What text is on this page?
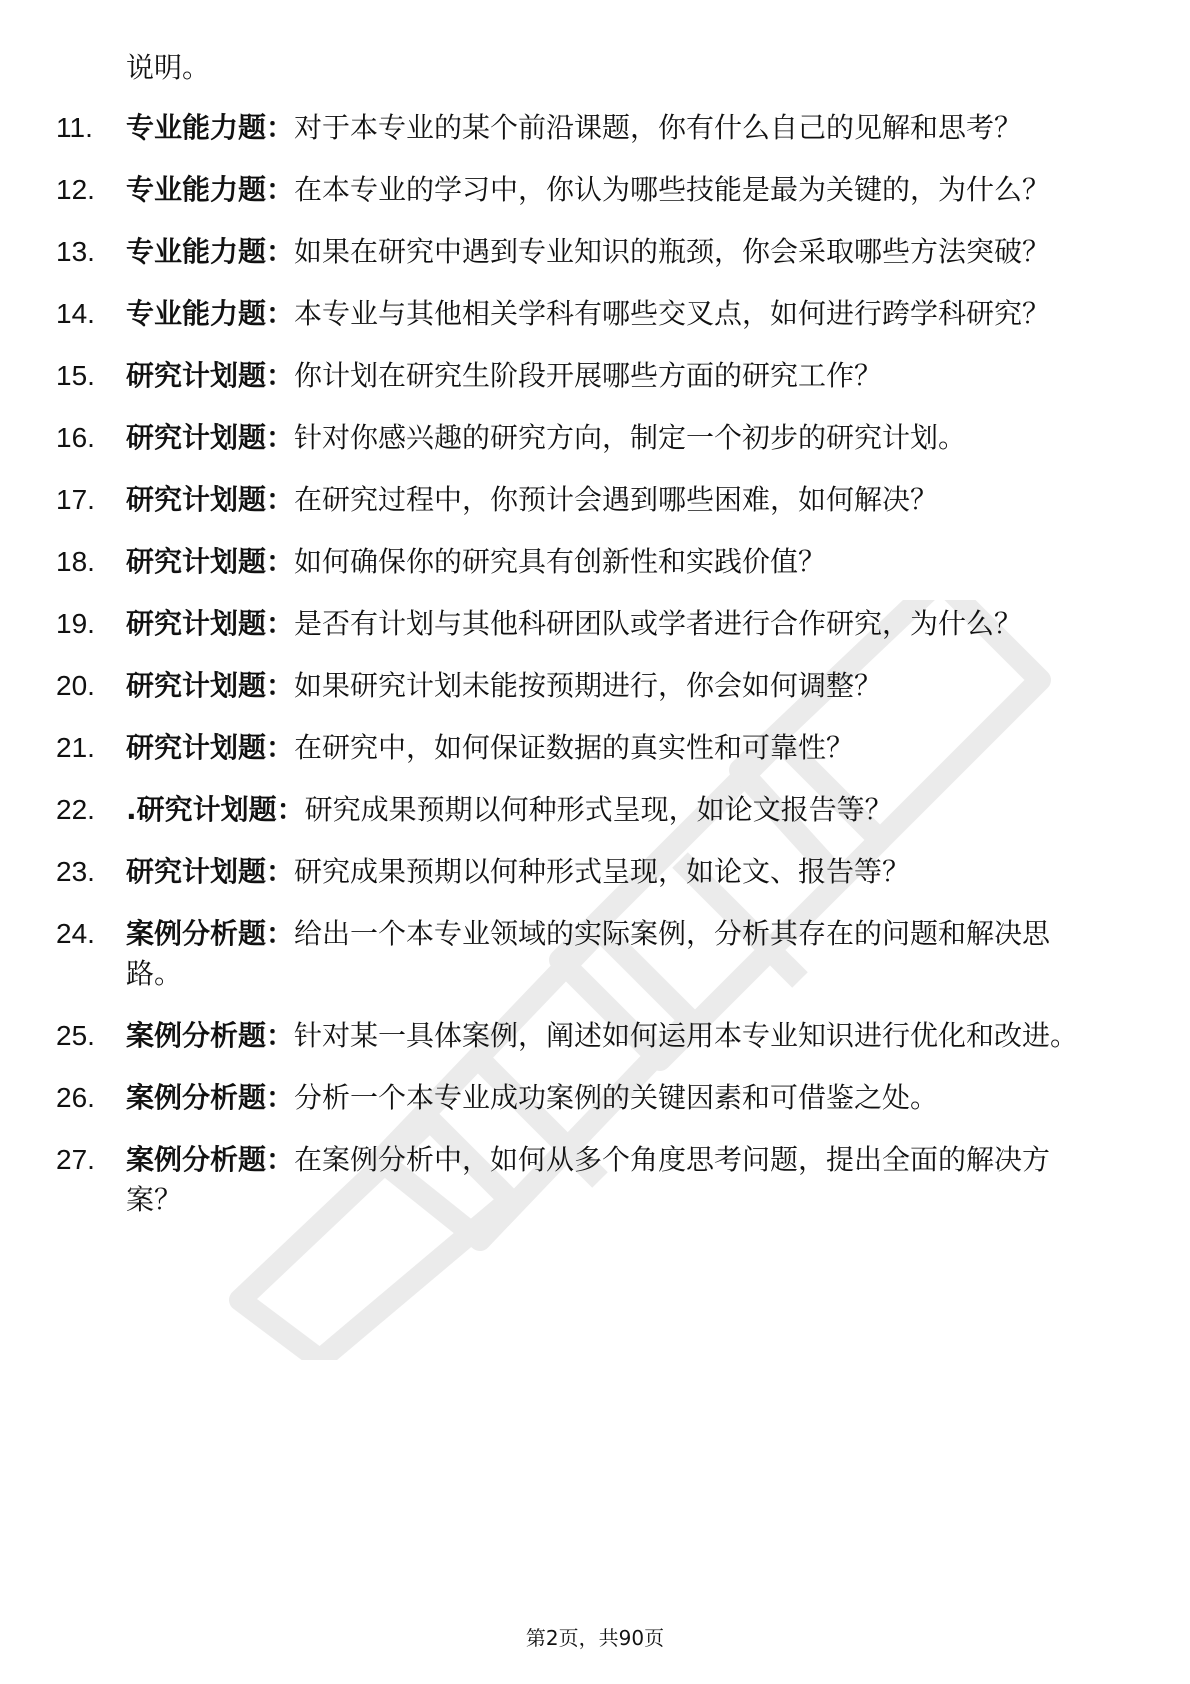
说明。

11.	专业能力题：对于本专业的某个前沿课题，你有什么自己的见解和思考？
12.	专业能力题：在本专业的学习中，你认为哪些技能是最为关键的，为什么？
13.	专业能力题：如果在研究中遇到专业知识的瓶颈，你会采取哪些方法突破？
14.	专业能力题：本专业与其他相关学科有哪些交叉点，如何进行跨学科研究？
15.	研究计划题：你计划在研究生阶段开展哪些方面的研究工作？
16.	研究计划题：针对你感兴趣的研究方向，制定一个初步的研究计划。
17.	研究计划题：在研究过程中，你预计会遇到哪些困难，如何解决？
18.	研究计划题：如何确保你的研究具有创新性和实践价值？
19.	研究计划题：是否有计划与其他科研团队或学者进行合作研究，为什么？
20.	研究计划题：如果研究计划未能按预期进行，你会如何调整？
21.	研究计划题：在研究中，如何保证数据的真实性和可靠性？
22.	.研究计划题：研究成果预期以何种形式呈现，如论文报告等？
23.	研究计划题：研究成果预期以何种形式呈现，如论文、报告等？
24.	案例分析题：给出一个本专业领域的实际案例，分析其存在的问题和解决思路。
25.	案例分析题：针对某一具体案例，阐述如何运用本专业知识进行优化和改进。
26.	案例分析题：分析一个本专业成功案例的关键因素和可借鉴之处。
27.	案例分析题：在案例分析中，如何从多个角度思考问题，提出全面的解决方案？
第2页，共90页
